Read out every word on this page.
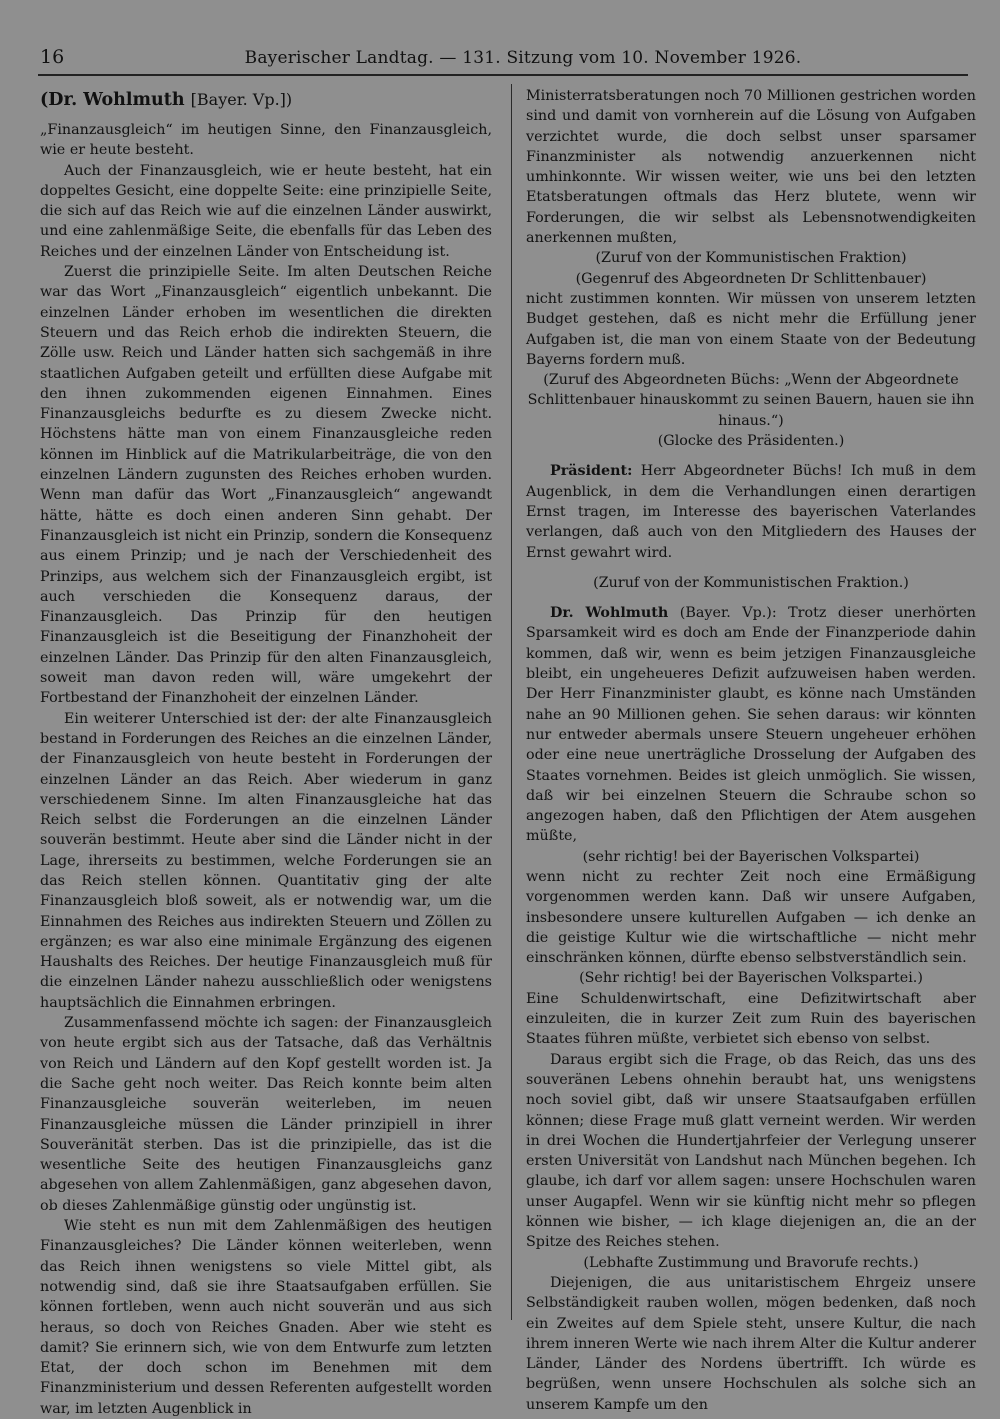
16	Bayerischer Landtag. — 131. Sitzung vom 10. November 1926.
(Dr. Wohlmuth [Bayer. Vp.])

„Finanzausgleich“ im heutigen Sinne, den Finanzausgleich, wie er heute besteht.

Auch der Finanzausgleich, wie er heute besteht, hat ein doppeltes Gesicht, eine doppelte Seite: eine prinzipielle Seite, die sich auf das Reich wie auf die einzelnen Länder auswirkt, und eine zahlenmäßige Seite, die ebenfalls für das Leben des Reiches und der einzelnen Länder von Entscheidung ist.

Zuerst die prinzipielle Seite. Im alten Deutschen Reiche war das Wort „Finanzausgleich“ eigentlich unbekannt. Die einzelnen Länder erhoben im wesentlichen die direkten Steuern und das Reich erhob die indirekten Steuern, die Zölle usw. Reich und Länder hatten sich sachgemäß in ihre staatlichen Aufgaben geteilt und erfüllten diese Aufgabe mit den ihnen zukommenden eigenen Einnahmen. Eines Finanzausgleichs bedurfte es zu diesem Zwecke nicht. Höchstens hätte man von einem Finanzausgleiche reden können im Hinblick auf die Matrikularbeiträge, die von den einzelnen Ländern zugunsten des Reiches erhoben wurden. Wenn man dafür das Wort „Finanzausgleich“ angewandt hätte, hätte es doch einen anderen Sinn gehabt. Der Finanzausgleich ist nicht ein Prinzip, sondern die Konsequenz aus einem Prinzip; und je nach der Verschiedenheit des Prinzips, aus welchem sich der Finanzausgleich ergibt, ist auch verschieden die Konsequenz daraus, der Finanzausgleich. Das Prinzip für den heutigen Finanzausgleich ist die Beseitigung der Finanzhoheit der einzelnen Länder. Das Prinzip für den alten Finanzausgleich, soweit man davon reden will, wäre umgekehrt der Fortbestand der Finanzhoheit der einzelnen Länder.

Ein weiterer Unterschied ist der: der alte Finanzausgleich bestand in Forderungen des Reiches an die einzelnen Länder, der Finanzausgleich von heute besteht in Forderungen der einzelnen Länder an das Reich. Aber wiederum in ganz verschiedenem Sinne. Im alten Finanzausgleiche hat das Reich selbst die Forderungen an die einzelnen Länder souverän bestimmt. Heute aber sind die Länder nicht in der Lage, ihrerseits zu bestimmen, welche Forderungen sie an das Reich stellen können. Quantitativ ging der alte Finanzausgleich bloß soweit, als er notwendig war, um die Einnahmen des Reiches aus indirekten Steuern und Zöllen zu ergänzen; es war also eine minimale Ergänzung des eigenen Haushalts des Reiches. Der heutige Finanzausgleich muß für die einzelnen Länder nahezu ausschließlich oder wenigstens hauptsächlich die Einnahmen erbringen.

Zusammenfassend möchte ich sagen: der Finanzausgleich von heute ergibt sich aus der Tatsache, daß das Verhältnis von Reich und Ländern auf den Kopf gestellt worden ist. Ja die Sache geht noch weiter. Das Reich konnte beim alten Finanzausgleiche souverän weiterleben, im neuen Finanzausgleiche müssen die Länder prinzipiell in ihrer Souveränität sterben. Das ist die prinzipielle, das ist die wesentliche Seite des heutigen Finanzausgleichs ganz abgesehen von allem Zahlenmäßigen, ganz abgesehen davon, ob dieses Zahlenmäßige günstig oder ungünstig ist.

Wie steht es nun mit dem Zahlenmäßigen des heutigen Finanzausgleiches? Die Länder können weiterleben, wenn das Reich ihnen wenigstens so viele Mittel gibt, als notwendig sind, daß sie ihre Staatsaufgaben erfüllen. Sie können fortleben, wenn auch nicht souverän und aus sich heraus, so doch von Reiches Gnaden. Aber wie steht es damit? Sie erinnern sich, wie von dem Entwurfe zum letzten Etat, der doch schon im Benehmen mit dem Finanzministerium und dessen Referenten aufgestellt worden war, im letzten Augenblick in

Ministerratsberatungen noch 70 Millionen gestrichen worden sind und damit von vornherein auf die Lösung von Aufgaben verzichtet wurde, die doch selbst unser sparsamer Finanzminister als notwendig anzuerkennen nicht umhinkonnte. Wir wissen weiter, wie uns bei den letzten Etatsberatungen oftmals das Herz blutete, wenn wir Forderungen, die wir selbst als Lebensnotwendigkeiten anerkennen mußten,

(Zuruf von der Kommunistischen Fraktion)

(Gegenruf des Abgeordneten Dr Schlittenbauer)

nicht zustimmen konnten. Wir müssen von unserem letzten Budget gestehen, daß es nicht mehr die Erfüllung jener Aufgaben ist, die man von einem Staate von der Bedeutung Bayerns fordern muß.

(Zuruf des Abgeordneten Büchs: „Wenn der Abgeordnete Schlittenbauer hinauskommt zu seinen Bauern, hauen sie ihn hinaus.“)

(Glocke des Präsidenten.)

Präsident: Herr Abgeordneter Büchs! Ich muß in dem Augenblick, in dem die Verhandlungen einen derartigen Ernst tragen, im Interesse des bayerischen Vaterlandes verlangen, daß auch von den Mitgliedern des Hauses der Ernst gewahrt wird.

(Zuruf von der Kommunistischen Fraktion.)

Dr. Wohlmuth (Bayer. Vp.): Trotz dieser unerhörten Sparsamkeit wird es doch am Ende der Finanzperiode dahin kommen, daß wir, wenn es beim jetzigen Finanzausgleiche bleibt, ein ungeheueres Defizit aufzuweisen haben werden. Der Herr Finanzminister glaubt, es könne nach Umständen nahe an 90 Millionen gehen. Sie sehen daraus: wir könnten nur entweder abermals unsere Steuern ungeheuer erhöhen oder eine neue unerträgliche Drosselung der Aufgaben des Staates vornehmen. Beides ist gleich unmöglich. Sie wissen, daß wir bei einzelnen Steuern die Schraube schon so angezogen haben, daß den Pflichtigen der Atem ausgehen müßte,

(sehr richtig! bei der Bayerischen Volkspartei)

wenn nicht zu rechter Zeit noch eine Ermäßigung vorgenommen werden kann. Daß wir unsere Aufgaben, insbesondere unsere kulturellen Aufgaben — ich denke an die geistige Kultur wie die wirtschaftliche — nicht mehr einschränken können, dürfte ebenso selbstverständlich sein.

(Sehr richtig! bei der Bayerischen Volkspartei.)

Eine Schuldenwirtschaft, eine Defizitwirtschaft aber einzuleiten, die in kurzer Zeit zum Ruin des bayerischen Staates führen müßte, verbietet sich ebenso von selbst.

Daraus ergibt sich die Frage, ob das Reich, das uns des souveränen Lebens ohnehin beraubt hat, uns wenigstens noch soviel gibt, daß wir unsere Staatsaufgaben erfüllen können; diese Frage muß glatt verneint werden. Wir werden in drei Wochen die Hundertjahrfeier der Verlegung unserer ersten Universität von Landshut nach München begehen. Ich glaube, ich darf vor allem sagen: unsere Hochschulen waren unser Augapfel. Wenn wir sie künftig nicht mehr so pflegen können wie bisher, — ich klage diejenigen an, die an der Spitze des Reiches stehen.

(Lebhafte Zustimmung und Bravorufe rechts.)

Diejenigen, die aus unitaristischem Ehrgeiz unsere Selbständigkeit rauben wollen, mögen bedenken, daß noch ein Zweites auf dem Spiele steht, unsere Kultur, die nach ihrem inneren Werte wie nach ihrem Alter die Kultur anderer Länder, Länder des Nordens übertrifft. Ich würde es begrüßen, wenn unsere Hochschulen als solche sich an unserem Kampfe um den
